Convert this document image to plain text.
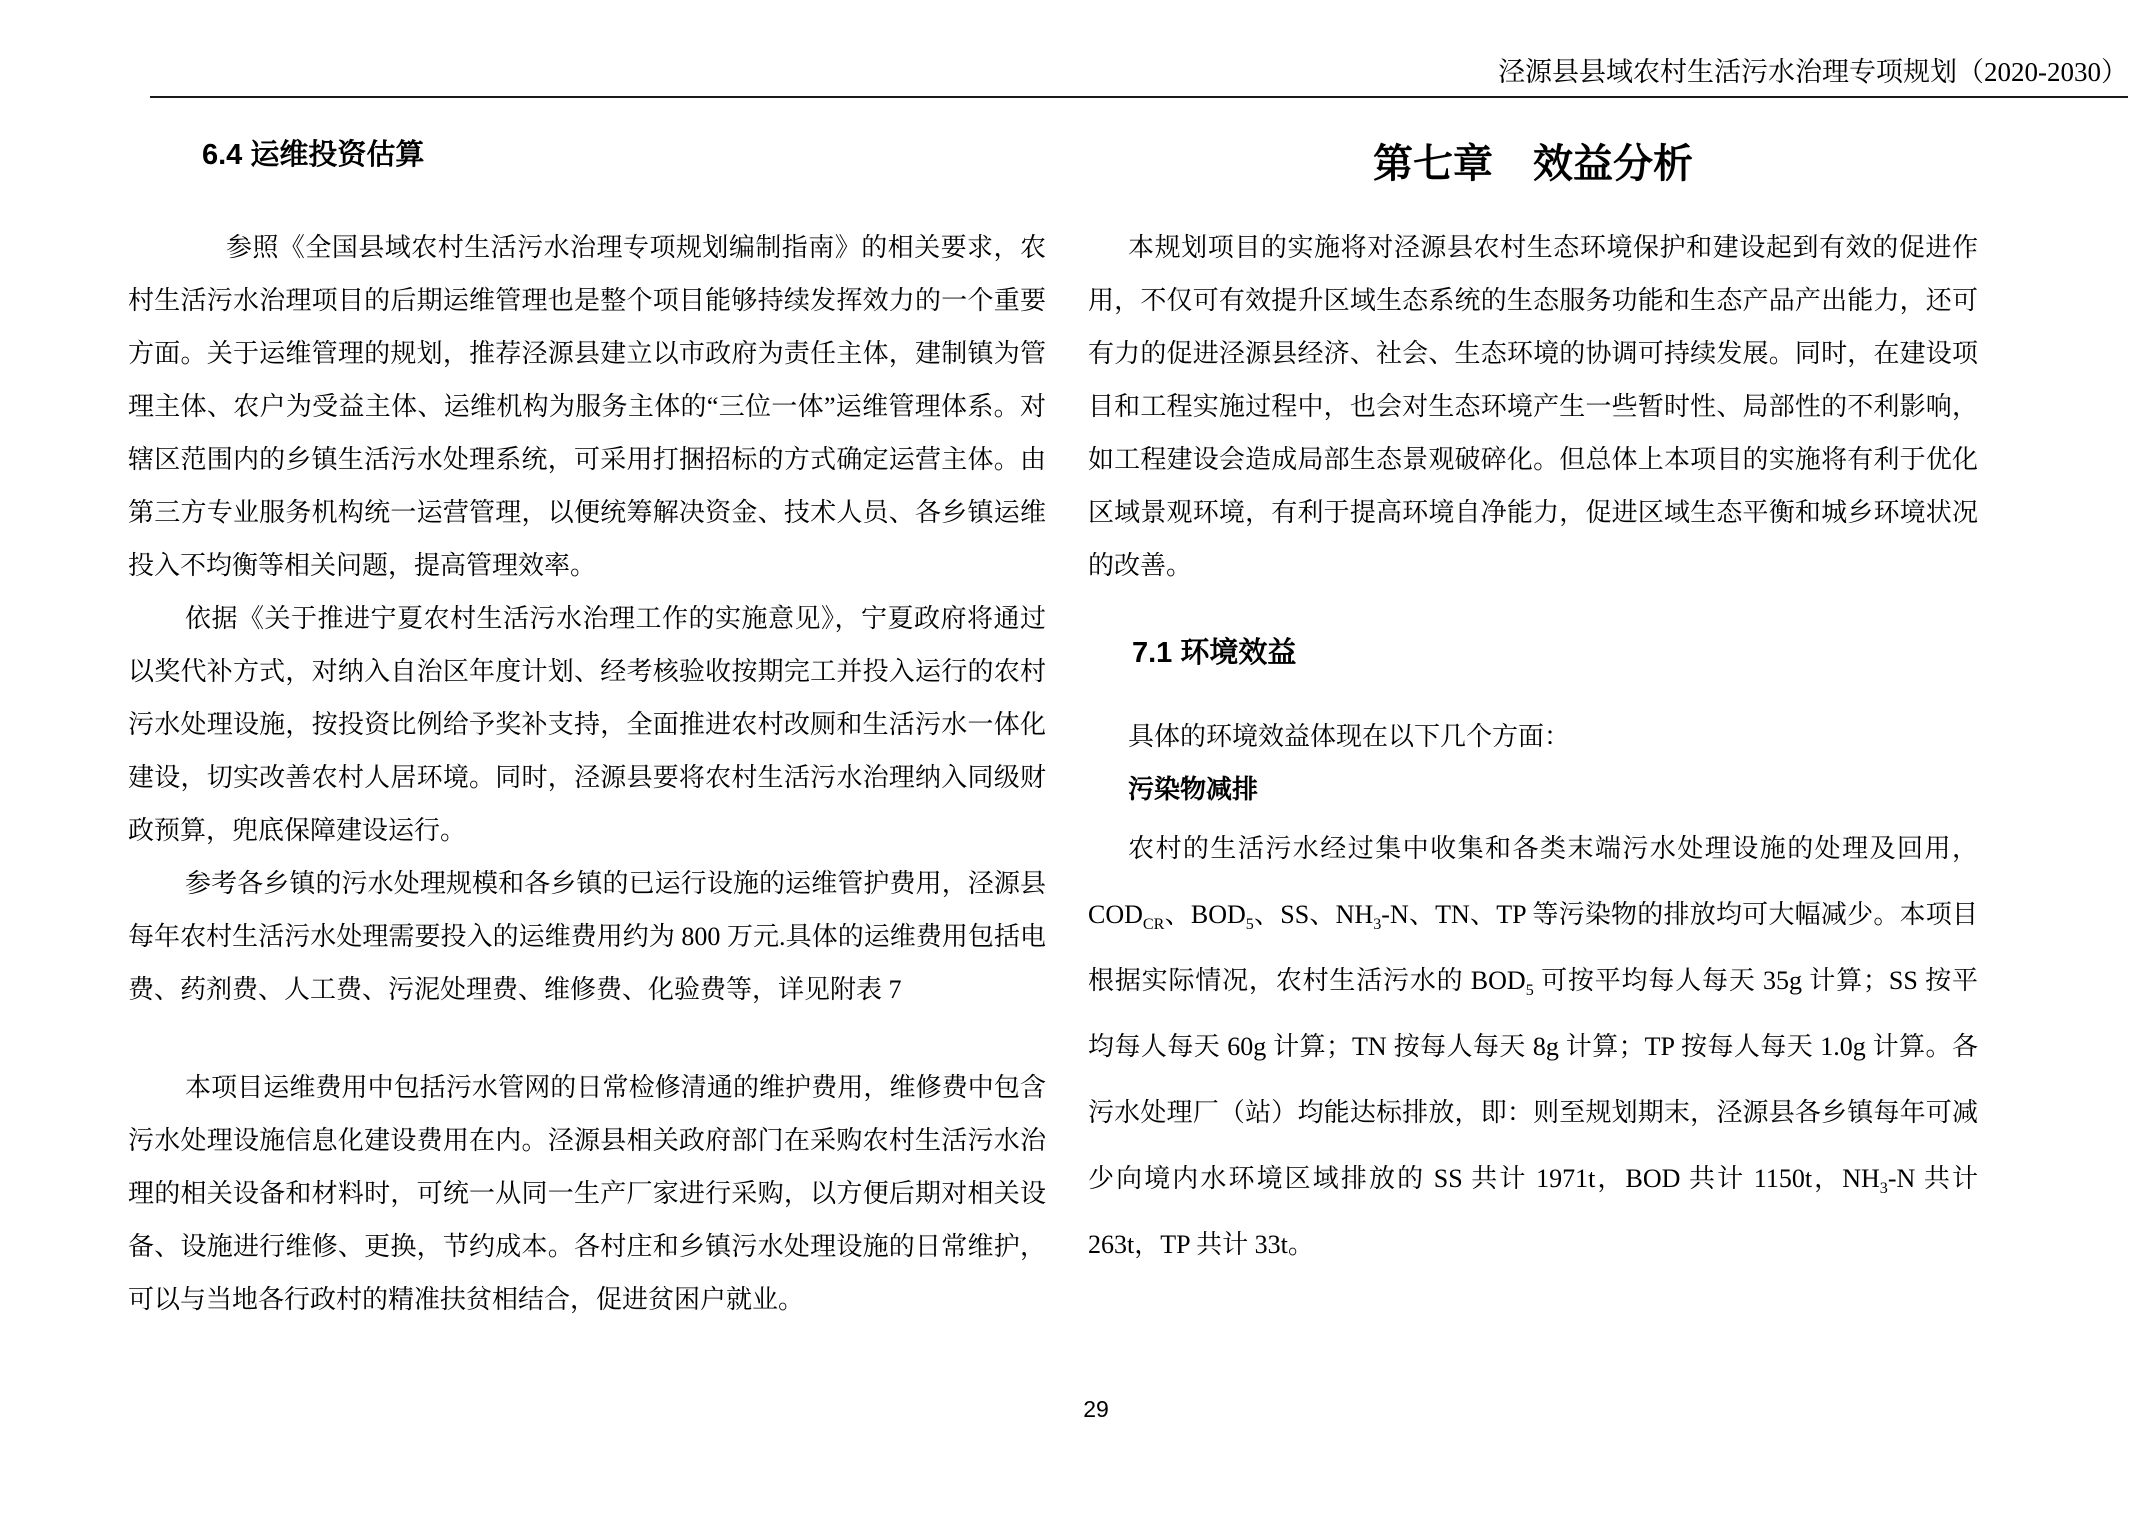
泾源县县域农村生活污水治理专项规划（2020-2030）
6.4 运维投资估算

参照《全国县域农村生活污水治理专项规划编制指南》的相关要求，农村生活污水治理项目的后期运维管理也是整个项目能够持续发挥效力的一个重要方面。关于运维管理的规划，推荐泾源县建立以市政府为责任主体，建制镇为管理主体、农户为受益主体、运维机构为服务主体的“三位一体”运维管理体系。对辖区范围内的乡镇生活污水处理系统，可采用打捆招标的方式确定运营主体。由第三方专业服务机构统一运营管理，以便统筹解决资金、技术人员、各乡镇运维投入不均衡等相关问题，提高管理效率。

依据《关于推进宁夏农村生活污水治理工作的实施意见》，宁夏政府将通过以奖代补方式，对纳入自治区年度计划、经考核验收按期完工并投入运行的农村污水处理设施，按投资比例给予奖补支持，全面推进农村改厕和生活污水一体化建设，切实改善农村人居环境。同时，泾源县要将农村生活污水治理纳入同级财政预算，兜底保障建设运行。

参考各乡镇的污水处理规模和各乡镇的已运行设施的运维管护费用，泾源县每年农村生活污水处理需要投入的运维费用约为 800 万元.具体的运维费用包括电费、药剂费、人工费、污泥处理费、维修费、化验费等，详见附表 7

本项目运维费用中包括污水管网的日常检修清通的维护费用，维修费中包含污水处理设施信息化建设费用在内。泾源县相关政府部门在采购农村生活污水治理的相关设备和材料时，可统一从同一生产厂家进行采购，以方便后期对相关设备、设施进行维修、更换，节约成本。各村庄和乡镇污水处理设施的日常维护，可以与当地各行政村的精准扶贫相结合，促进贫困户就业。

第七章　效益分析

本规划项目的实施将对泾源县农村生态环境保护和建设起到有效的促进作用，不仅可有效提升区域生态系统的生态服务功能和生态产品产出能力，还可有力的促进泾源县经济、社会、生态环境的协调可持续发展。同时，在建设项目和工程实施过程中，也会对生态环境产生一些暂时性、局部性的不利影响，如工程建设会造成局部生态景观破碎化。但总体上本项目的实施将有利于优化区域景观环境，有利于提高环境自净能力，促进区域生态平衡和城乡环境状况的改善。

7.1 环境效益

具体的环境效益体现在以下几个方面：

污染物减排

农村的生活污水经过集中收集和各类末端污水处理设施的处理及回用，$COD_{CR}$、$BOD_5$、SS、$NH_3-N$、TN、TP 等污染物的排放均可大幅减少。本项目根据实际情况，农村生活污水的 $BOD_5$ 可按平均每人每天 35g 计算；SS 按平均每人每天 60g 计算；TN 按每人每天 8g 计算；TP 按每人每天 1.0g 计算。各污水处理厂（站）均能达标排放，即：则至规划期末，泾源县各乡镇每年可减少向境内水环境区域排放的 SS 共计 1971t，BOD 共计 1150t，$NH_3-N$ 共计 263t，TP 共计 33t。

29
